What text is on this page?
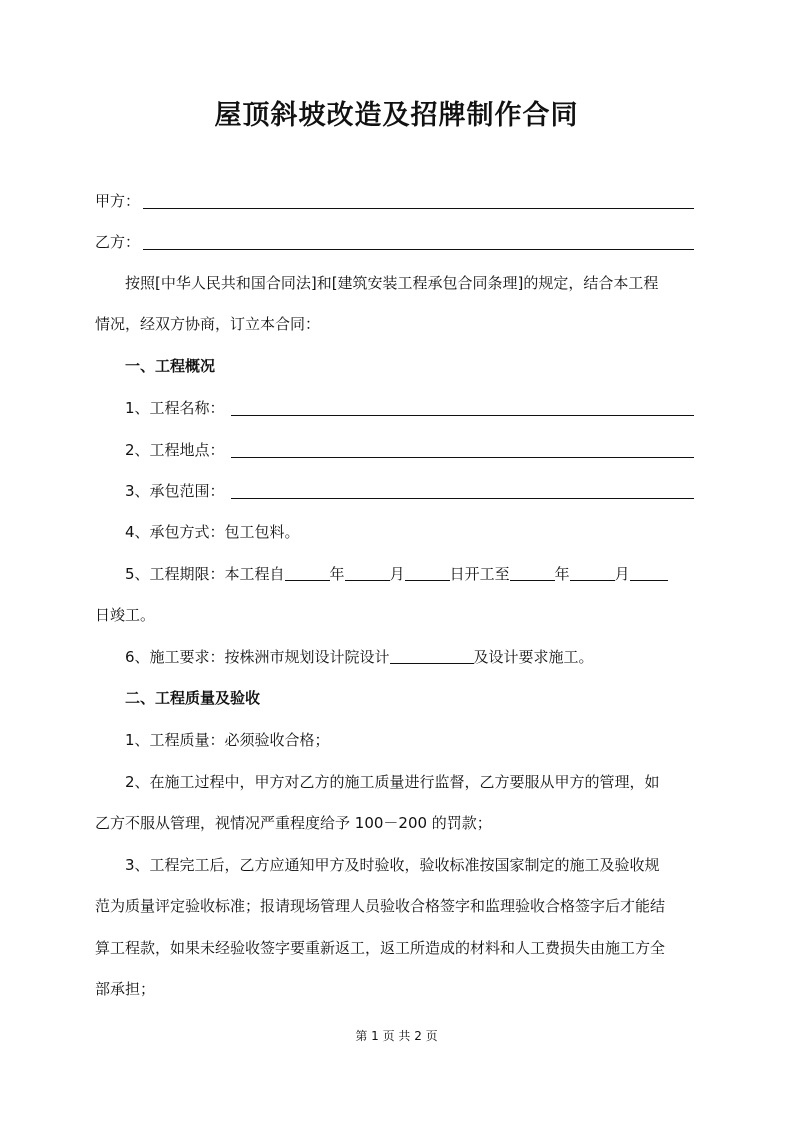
屋顶斜坡改造及招牌制作合同
甲方：
乙方：
按照[中华人民共和国合同法]和[建筑安装工程承包合同条理]的规定，结合本工程
情况，经双方协商，订立本合同：
一、工程概况
1、工程名称：
2、工程地点：
3、承包范围：
4、承包方式：包工包料。
5、工程期限：本工程自	年	月	日开工至	年	月
日竣工。
6、施工要求：按株洲市规划设计院设计	及设计要求施工。
二、工程质量及验收
1、工程质量：必须验收合格；
2、在施工过程中，甲方对乙方的施工质量进行监督，乙方要服从甲方的管理，如
乙方不服从管理，视情况严重程度给予 100－200 的罚款；
3、工程完工后，乙方应通知甲方及时验收，验收标准按国家制定的施工及验收规
范为质量评定验收标准；报请现场管理人员验收合格签字和监理验收合格签字后才能结
算工程款，如果未经验收签字要重新返工，返工所造成的材料和人工费损失由施工方全
部承担；
第 1 页 共 2 页
